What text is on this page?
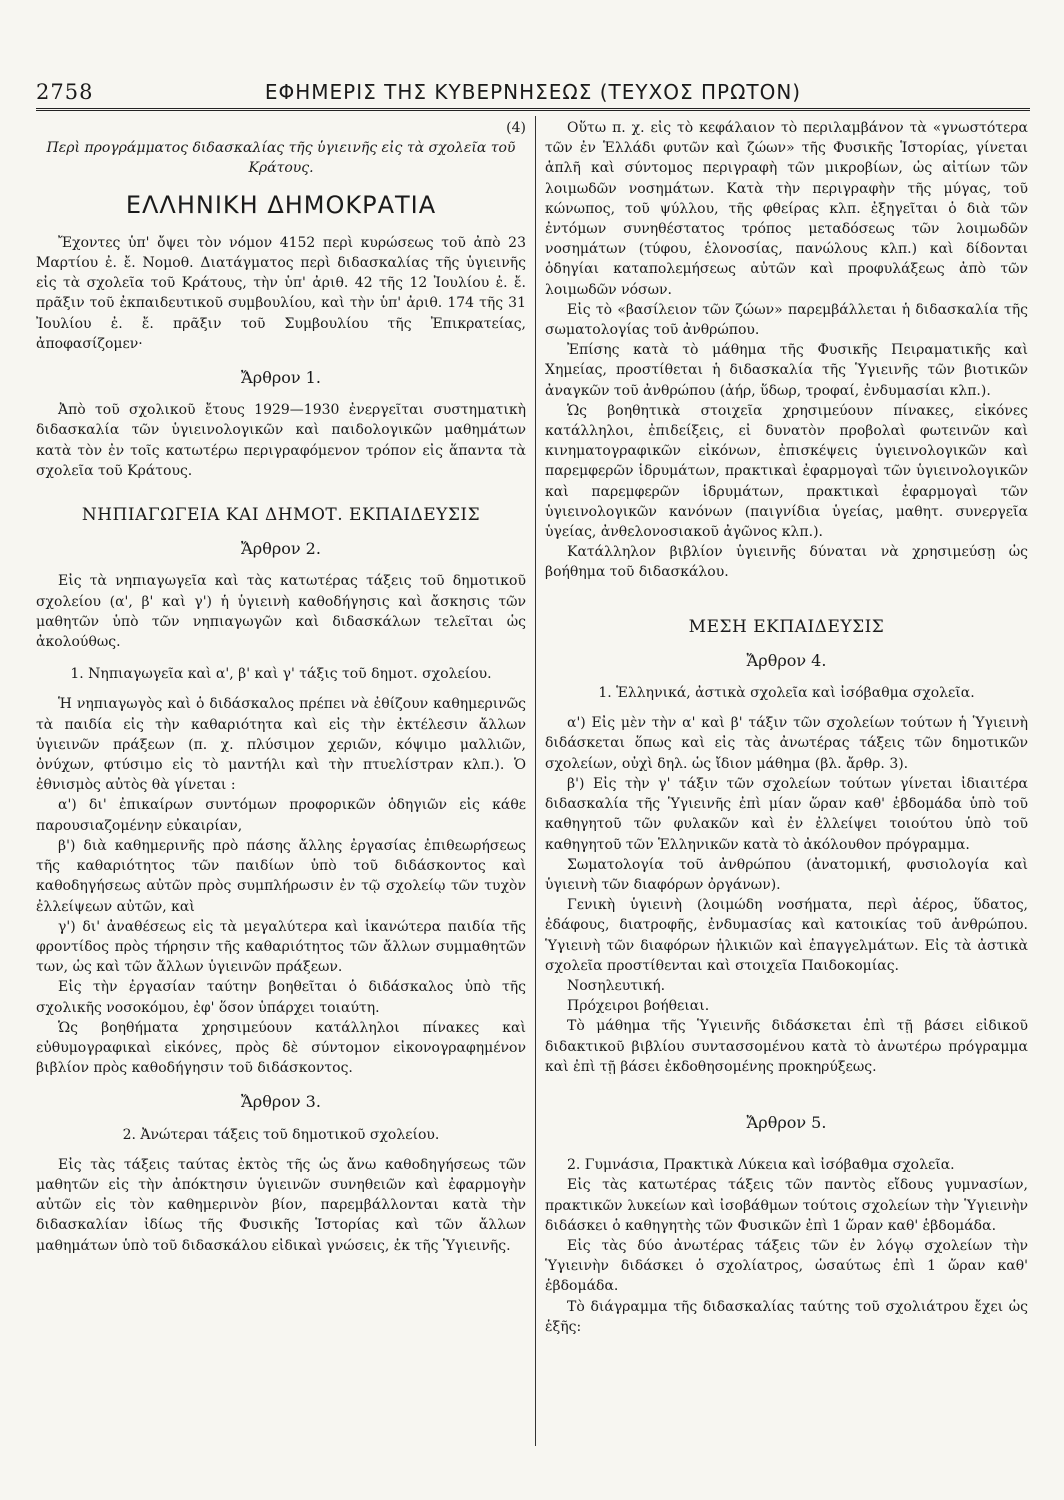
2758	ΕΦΗΜΕΡΙΣ ΤΗΣ ΚΥΒΕΡΝΗΣΕΩΣ (ΤΕΥΧΟΣ ΠΡΩΤΟΝ)

(4)

Περὶ προγράμματος διδασκαλίας τῆς ὑγιεινῆς εἰς τὰ σχολεῖα τοῦ Κράτους.

ΕΛΛΗΝΙΚΗ ΔΗΜΟΚΡΑΤΙΑ

Ἔχοντες ὑπ' ὄψει τὸν νόμον 4152 περὶ κυρώσεως τοῦ ἀπὸ 23 Μαρτίου ἐ. ἔ. Νομοθ. Διατάγματος περὶ διδασκαλίας τῆς ὑγιεινῆς εἰς τὰ σχολεῖα τοῦ Κράτους, τὴν ὑπ' ἀριθ. 42 τῆς 12 Ἰουλίου ἐ. ἔ. πρᾶξιν τοῦ ἐκπαιδευτικοῦ συμβουλίου, καὶ τὴν ὑπ' ἀριθ. 174 τῆς 31 Ἰουλίου ἐ. ἔ. πρᾶξιν τοῦ Συμβουλίου τῆς Ἐπικρατείας, ἀποφασίζομεν·

Ἄρθρον 1.

Ἀπὸ τοῦ σχολικοῦ ἔτους 1929—1930 ἐνεργεῖται συστηματικὴ διδασκαλία τῶν ὑγιεινολογικῶν καὶ παιδολογικῶν μαθημάτων κατὰ τὸν ἐν τοῖς κατωτέρω περιγραφόμενον τρόπον εἰς ἅπαντα τὰ σχολεῖα τοῦ Κράτους.

ΝΗΠΙΑΓΩΓΕΙΑ ΚΑΙ ΔΗΜΟΤ. ΕΚΠΑΙΔΕΥΣΙΣ
Ἄρθρον 2.

Εἰς τὰ νηπιαγωγεῖα καὶ τὰς κατωτέρας τάξεις τοῦ δημοτικοῦ σχολείου (α', β' καὶ γ') ἡ ὑγιεινὴ καθοδήγησις καὶ ἄσκησις τῶν μαθητῶν ὑπὸ τῶν νηπιαγωγῶν καὶ διδασκάλων τελεῖται ὡς ἀκολούθως.

1. Νηπιαγωγεῖα καὶ α', β' καὶ γ' τάξις τοῦ δημοτ. σχολείου.

Ἡ νηπιαγωγὸς καὶ ὁ διδάσκαλος πρέπει νὰ ἐθίζουν καθημερινῶς τὰ παιδία εἰς τὴν καθαριότητα καὶ εἰς τὴν ἐκτέλεσιν ἄλλων ὑγιεινῶν πράξεων (π. χ. πλύσιμον χεριῶν, κόψιμο μαλλιῶν, ὀνύχων, φτύσιμο εἰς τὸ μαντήλι καὶ τὴν πτυελίστραν κλπ.). Ὁ ἐθνισμὸς αὐτὸς θὰ γίνεται :

α') δι' ἐπικαίρων συντόμων προφορικῶν ὁδηγιῶν εἰς κάθε παρουσιαζομένην εὐκαιρίαν,

β') διὰ καθημερινῆς πρὸ πάσης ἄλλης ἐργασίας ἐπιθεωρήσεως τῆς καθαριότητος τῶν παιδίων ὑπὸ τοῦ διδάσκοντος καὶ καθοδηγήσεως αὐτῶν πρὸς συμπλήρωσιν ἐν τῷ σχολείῳ τῶν τυχὸν ἐλλείψεων αὐτῶν, καὶ

γ') δι' ἀναθέσεως εἰς τὰ μεγαλύτερα καὶ ἱκανώτερα παιδία τῆς φροντίδος πρὸς τήρησιν τῆς καθαριότητος τῶν ἄλλων συμμαθητῶν των, ὡς καὶ τῶν ἄλλων ὑγιεινῶν πράξεων.

Εἰς τὴν ἐργασίαν ταύτην βοηθεῖται ὁ διδάσκαλος ὑπὸ τῆς σχολικῆς νοσοκόμου, ἐφ' ὅσον ὑπάρχει τοιαύτη.

Ὡς βοηθήματα χρησιμεύουν κατάλληλοι πίνακες καὶ εὐθυμογραφικαὶ εἰκόνες, πρὸς δὲ σύντομον εἰκονογραφημένον βιβλίον πρὸς καθοδήγησιν τοῦ διδάσκοντος.

Ἄρθρον 3.
2. Ἀνώτεραι τάξεις τοῦ δημοτικοῦ σχολείου.

Εἰς τὰς τάξεις ταύτας ἐκτὸς τῆς ὡς ἄνω καθοδηγήσεως τῶν μαθητῶν εἰς τὴν ἀπόκτησιν ὑγιεινῶν συνηθειῶν καὶ ἐφαρμογὴν αὐτῶν εἰς τὸν καθημερινὸν βίον, παρεμβάλλονται κατὰ τὴν διδασκαλίαν ἰδίως τῆς Φυσικῆς Ἱστορίας καὶ τῶν ἄλλων μαθημάτων ὑπὸ τοῦ διδασκάλου εἰδικαὶ γνώσεις, ἐκ τῆς Ὑγιεινῆς.

Οὕτω π. χ. εἰς τὸ κεφάλαιον τὸ περιλαμβάνον τὰ «γνωστότερα τῶν ἐν Ἑλλάδι φυτῶν καὶ ζώων» τῆς Φυσικῆς Ἱστορίας, γίνεται ἁπλῆ καὶ σύντομος περιγραφὴ τῶν μικροβίων, ὡς αἰτίων τῶν λοιμωδῶν νοσημάτων. Κατὰ τὴν περιγραφὴν τῆς μύγας, τοῦ κώνωπος, τοῦ ψύλλου, τῆς φθείρας κλπ. ἐξηγεῖται ὁ διὰ τῶν ἐντόμων συνηθέστατος τρόπος μεταδόσεως τῶν λοιμωδῶν νοσημάτων (τύφου, ἑλονοσίας, πανώλους κλπ.) καὶ δίδονται ὁδηγίαι καταπολεμήσεως αὐτῶν καὶ προφυλάξεως ἀπὸ τῶν λοιμωδῶν νόσων.

Εἰς τὸ «βασίλειον τῶν ζώων» παρεμβάλλεται ἡ διδασκαλία τῆς σωματολογίας τοῦ ἀνθρώπου.

Ἐπίσης κατὰ τὸ μάθημα τῆς Φυσικῆς Πειραματικῆς καὶ Χημείας, προστίθεται ἡ διδασκαλία τῆς Ὑγιεινῆς τῶν βιοτικῶν ἀναγκῶν τοῦ ἀνθρώπου (ἀήρ, ὕδωρ, τροφαί, ἐνδυμασίαι κλπ.).

Ὡς βοηθητικὰ στοιχεῖα χρησιμεύουν πίνακες, εἰκόνες κατάλληλοι, ἐπιδείξεις, εἰ δυνατὸν προβολαὶ φωτεινῶν καὶ κινηματογραφικῶν εἰκόνων, ἐπισκέψεις ὑγιεινολογικῶν καὶ παρεμφερῶν ἱδρυμάτων, πρακτικαὶ ἐφαρμογαὶ τῶν ὑγιεινολογικῶν καὶ παρεμφερῶν ἱδρυμάτων, πρακτικαὶ ἐφαρμογαὶ τῶν ὑγιεινολογικῶν κανόνων (παιγνίδια ὑγείας, μαθητ. συνεργεῖα ὑγείας, ἀνθελονοσιακοῦ ἀγῶνος κλπ.).

Κατάλληλον βιβλίον ὑγιεινῆς δύναται νὰ χρησιμεύσῃ ὡς βοήθημα τοῦ διδασκάλου.

ΜΕΣΗ ΕΚΠΑΙΔΕΥΣΙΣ
Ἄρθρον 4.
1. Ἑλληνικά, ἀστικὰ σχολεῖα καὶ ἰσόβαθμα σχολεῖα.

α') Εἰς μὲν τὴν α' καὶ β' τάξιν τῶν σχολείων τούτων ἡ Ὑγιεινὴ διδάσκεται ὅπως καὶ εἰς τὰς ἀνωτέρας τάξεις τῶν δημοτικῶν σχολείων, οὐχὶ δηλ. ὡς ἴδιον μάθημα (βλ. ἄρθρ. 3).

β') Εἰς τὴν γ' τάξιν τῶν σχολείων τούτων γίνεται ἰδιαιτέρα διδασκαλία τῆς Ὑγιεινῆς ἐπὶ μίαν ὥραν καθ' ἑβδομάδα ὑπὸ τοῦ καθηγητοῦ τῶν φυλακῶν καὶ ἐν ἐλλείψει τοιούτου ὑπὸ τοῦ καθηγητοῦ τῶν Ἑλληνικῶν κατὰ τὸ ἀκόλουθον πρόγραμμα.

Σωματολογία τοῦ ἀνθρώπου (ἀνατομική, φυσιολογία καὶ ὑγιεινὴ τῶν διαφόρων ὀργάνων).

Γενικὴ ὑγιεινὴ (λοιμώδη νοσήματα, περὶ ἀέρος, ὕδατος, ἐδάφους, διατροφῆς, ἐνδυμασίας καὶ κατοικίας τοῦ ἀνθρώπου. Ὑγιεινὴ τῶν διαφόρων ἡλικιῶν καὶ ἐπαγγελμάτων. Εἰς τὰ ἀστικὰ σχολεῖα προστίθενται καὶ στοιχεῖα Παιδοκομίας.

Νοσηλευτική.

Πρόχειροι βοήθειαι.

Τὸ μάθημα τῆς Ὑγιεινῆς διδάσκεται ἐπὶ τῇ βάσει εἰδικοῦ διδακτικοῦ βιβλίου συντασσομένου κατὰ τὸ ἀνωτέρω πρόγραμμα καὶ ἐπὶ τῇ βάσει ἐκδοθησομένης προκηρύξεως.

Ἄρθρον 5.

2. Γυμνάσια, Πρακτικὰ Λύκεια καὶ ἰσόβαθμα σχολεῖα.

Εἰς τὰς κατωτέρας τάξεις τῶν παντὸς εἴδους γυμνασίων, πρακτικῶν λυκείων καὶ ἰσοβάθμων τούτοις σχολείων τὴν Ὑγιεινὴν διδάσκει ὁ καθηγητὴς τῶν Φυσικῶν ἐπὶ 1 ὥραν καθ' ἑβδομάδα.

Εἰς τὰς δύο ἀνωτέρας τάξεις τῶν ἐν λόγῳ σχολείων τὴν Ὑγιεινὴν διδάσκει ὁ σχολίατρος, ὡσαύτως ἐπὶ 1 ὥραν καθ' ἑβδομάδα.

Τὸ διάγραμμα τῆς διδασκαλίας ταύτης τοῦ σχολιάτρου ἔχει ὡς ἑξῆς:
